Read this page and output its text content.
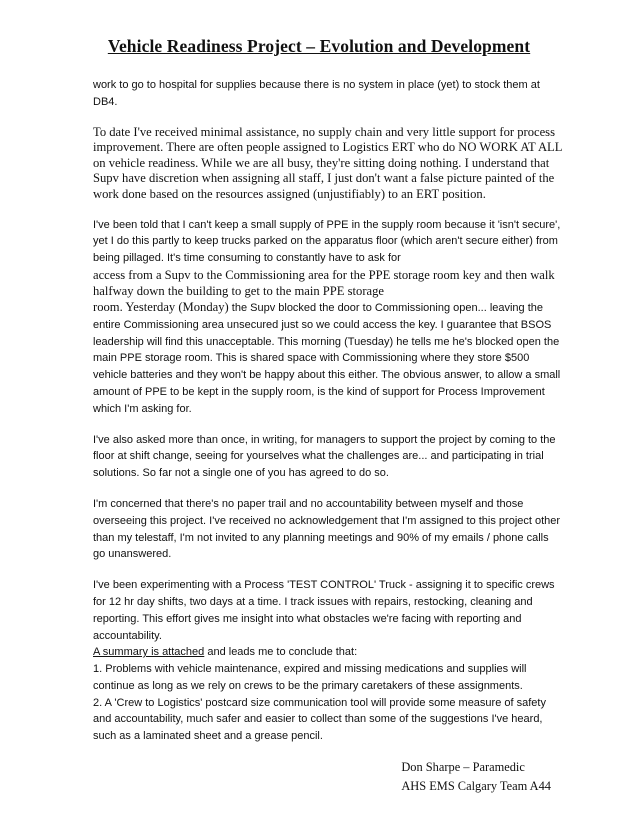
Vehicle Readiness Project – Evolution and Development

work to go to hospital for supplies because there is no system in place (yet) to stock them at DB4.

To date I've received minimal assistance, no supply chain and very little support for process improvement. There are often people assigned to Logistics ERT who do NO WORK AT ALL on vehicle readiness. While we are all busy, they're sitting doing nothing. I understand that Supv have discretion when assigning all staff, I just don't want a false picture painted of the work done based on the resources assigned (unjustifiably) to an ERT position.

I've been told that I can't keep a small supply of PPE in the supply room because it 'isn't secure', yet I do this partly to keep trucks parked on the apparatus floor (which aren't secure either) from being pillaged. It's time consuming to constantly have to ask for
access from a Supv to the Commissioning area for the PPE storage room key and then walk halfway down the building to get to the main PPE storage
room. Yesterday (Monday) the Supv blocked the door to Commissioning open... leaving the entire Commissioning area unsecured just so we could access the key. I guarantee that BSOS leadership will find this unacceptable. This morning (Tuesday) he tells me he's blocked open the main PPE storage room. This is shared space with Commissioning where they store $500 vehicle batteries and they won't be happy about this either. The obvious answer, to allow a small amount of PPE to be kept in the supply room, is the kind of support for Process Improvement which I'm asking for.

I've also asked more than once, in writing, for managers to support the project by coming to the floor at shift change, seeing for yourselves what the challenges are... and participating in trial solutions. So far not a single one of you has agreed to do so.

I'm concerned that there's no paper trail and no accountability between myself and those overseeing this project. I've received no acknowledgement that I'm assigned to this project other than my telestaff, I'm not invited to any planning meetings and 90% of my emails / phone calls go unanswered.

I've been experimenting with a Process 'TEST CONTROL' Truck - assigning it to specific crews for 12 hr day shifts, two days at a time. I track issues with repairs, restocking, cleaning and reporting. This effort gives me insight into what obstacles we're facing with reporting and accountability.
A summary is attached and leads me to conclude that:
1. Problems with vehicle maintenance, expired and missing medications and supplies will continue as long as we rely on crews to be the primary caretakers of these assignments.
2. A 'Crew to Logistics' postcard size communication tool will provide some measure of safety and accountability, much safer and easier to collect than some of the suggestions I've heard, such as a laminated sheet and a grease pencil.
Don Sharpe – Paramedic
AHS EMS Calgary Team A44
